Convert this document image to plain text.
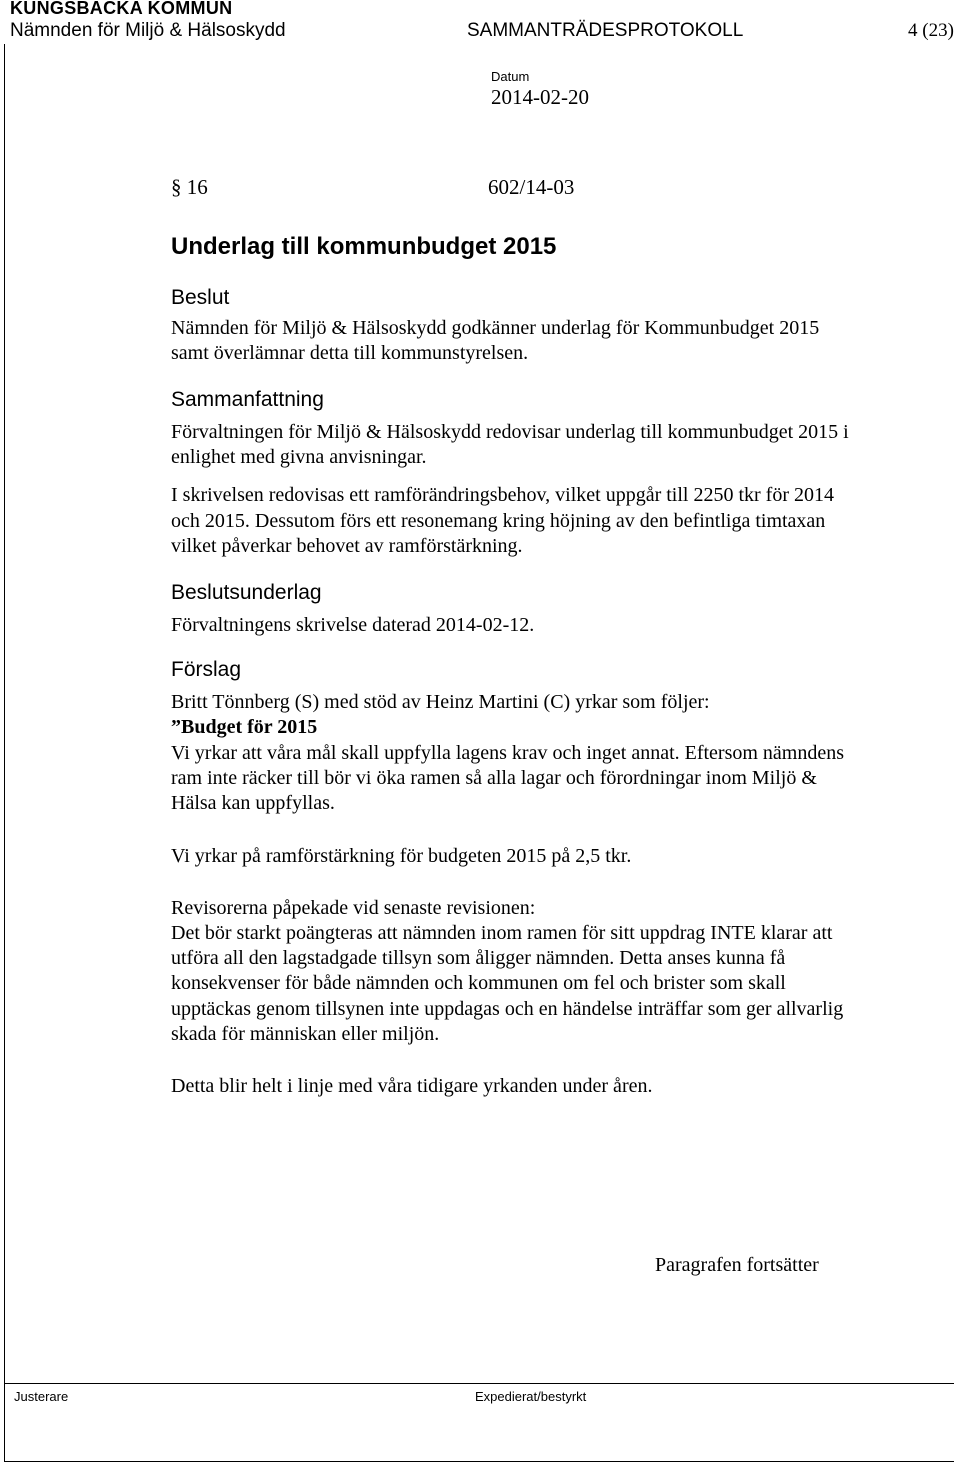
KUNGSBACKA KOMMUN
Nämnden för Miljö & Hälsoskydd	SAMMANTRÄDESPROTOKOLL	4 (23)
Datum
2014-02-20
§ 16	602/14-03
Underlag till kommunbudget 2015
Beslut
Nämnden för Miljö & Hälsoskydd godkänner underlag för Kommunbudget 2015
samt överlämnar detta till kommunstyrelsen.
Sammanfattning
Förvaltningen för Miljö & Hälsoskydd redovisar underlag till kommunbudget 2015 i
enlighet med givna anvisningar.
I skrivelsen redovisas ett ramförändringsbehov, vilket uppgår till 2250 tkr för 2014
och 2015. Dessutom förs ett resonemang kring höjning av den befintliga timtaxan
vilket påverkar behovet av ramförstärkning.
Beslutsunderlag
Förvaltningens skrivelse daterad 2014-02-12.
Förslag
Britt Tönnberg (S) med stöd av Heinz Martini (C) yrkar som följer:
”Budget för 2015
Vi yrkar att våra mål skall uppfylla lagens krav och inget annat. Eftersom nämndens
ram inte räcker till bör vi öka ramen så alla lagar och förordningar inom Miljö &
Hälsa kan uppfyllas.
Vi yrkar på ramförstärkning för budgeten 2015 på 2,5 tkr.
Revisorerna påpekade vid senaste revisionen:
Det bör starkt poängteras att nämnden inom ramen för sitt uppdrag INTE klarar att
utföra all den lagstadgade tillsyn som åligger nämnden. Detta anses kunna få
konsekvenser för både nämnden och kommunen om fel och brister som skall
upptäckas genom tillsynen inte uppdagas och en händelse inträffar som ger allvarlig
skada för människan eller miljön.
Detta blir helt i linje med våra tidigare yrkanden under åren.
Paragrafen fortsätter
Justerare	Expedierat/bestyrkt
